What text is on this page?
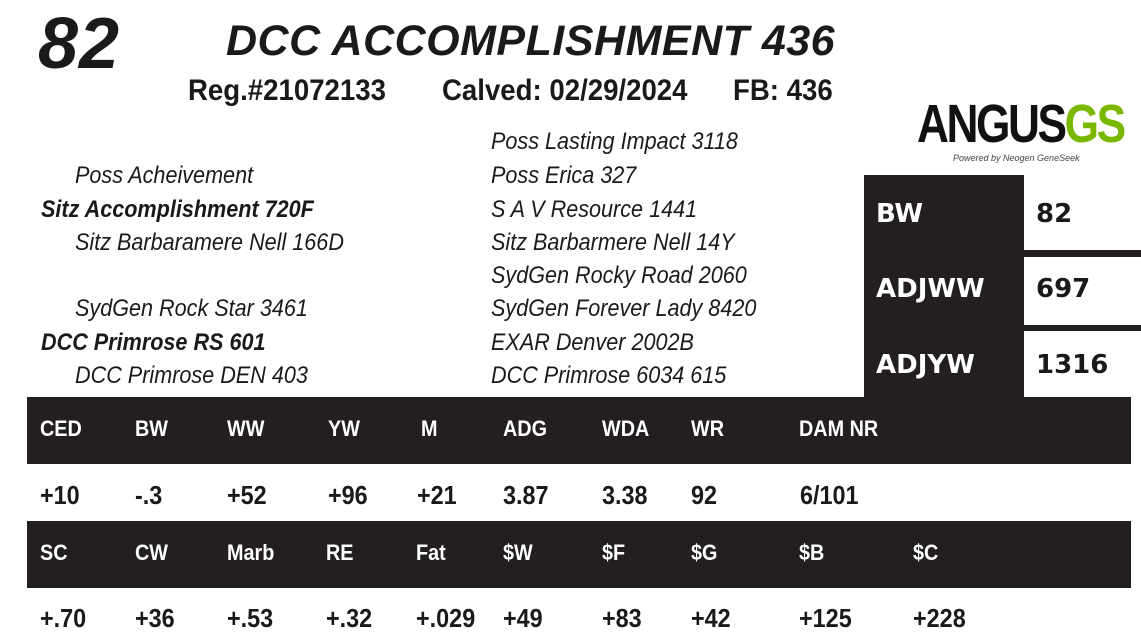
82 DCC ACCOMPLISHMENT 436
Reg.#21072133 Calved: 02/29/2024 FB: 436
ANGUSGS
Powered by Neogen GeneSeek
Poss Lasting Impact 3118
Poss Acheivement	Poss Erica 327
Sitz Accomplishment 720F	S A V Resource 1441
Sitz Barbaramere Nell 166D	Sitz Barbarmere Nell 14Y
SydGen Rocky Road 2060
SydGen Rock Star 3461	SydGen Forever Lady 8420
DCC Primrose RS 601	EXAR Denver 2002B
DCC Primrose DEN 403	DCC Primrose 6034 615
BW	82
ADJWW 697
ADJYW 1316
CED BW	WW	YW	M	ADG WDA WR	DAM NR
+10 -.3 +52 +96 +21 3.87 3.38 92	6/101
SC	CW	Marb RE	Fat	$W	$F	$G	$B	$C
+.70 +36 +.53 +.32 +.029 +49 +83 +42	+125 +228
